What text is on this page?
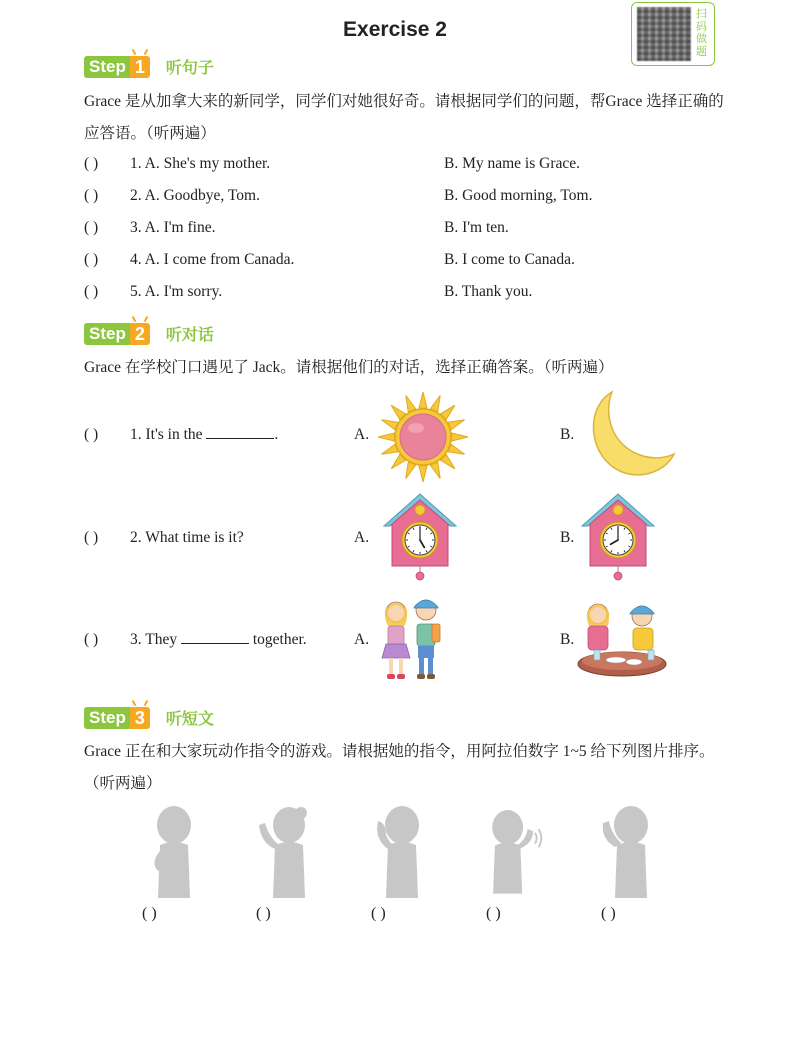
Exercise 2
扫码做题
Step 1 听句子
Grace 是从加拿大来的新同学，同学们对她很好奇。请根据同学们的问题，帮Grace 选择正确的应答语。（听两遍）
( ) 1. A. She's my mother.	B. My name is Grace.
( ) 2. A. Goodbye, Tom.	B. Good morning, Tom.
( ) 3. A. I'm fine.	B. I'm ten.
( ) 4. A. I come from Canada.	B. I come to Canada.
( ) 5. A. I'm sorry.	B. Thank you.
Step 2 听对话
Grace 在学校门口遇见了 Jack。请根据他们的对话，选择正确答案。（听两遍）
( ) 1. It's in the	.	A.	B.
( ) 2. What time is it?	A.	B.
( ) 3. They	together.	A.	B.
Step 3 听短文
Grace 正在和大家玩动作指令的游戏。请根据她的指令，用阿拉伯数字 1~5 给下列图片排序。（听两遍）
( )	( )	( )	( )	( )
